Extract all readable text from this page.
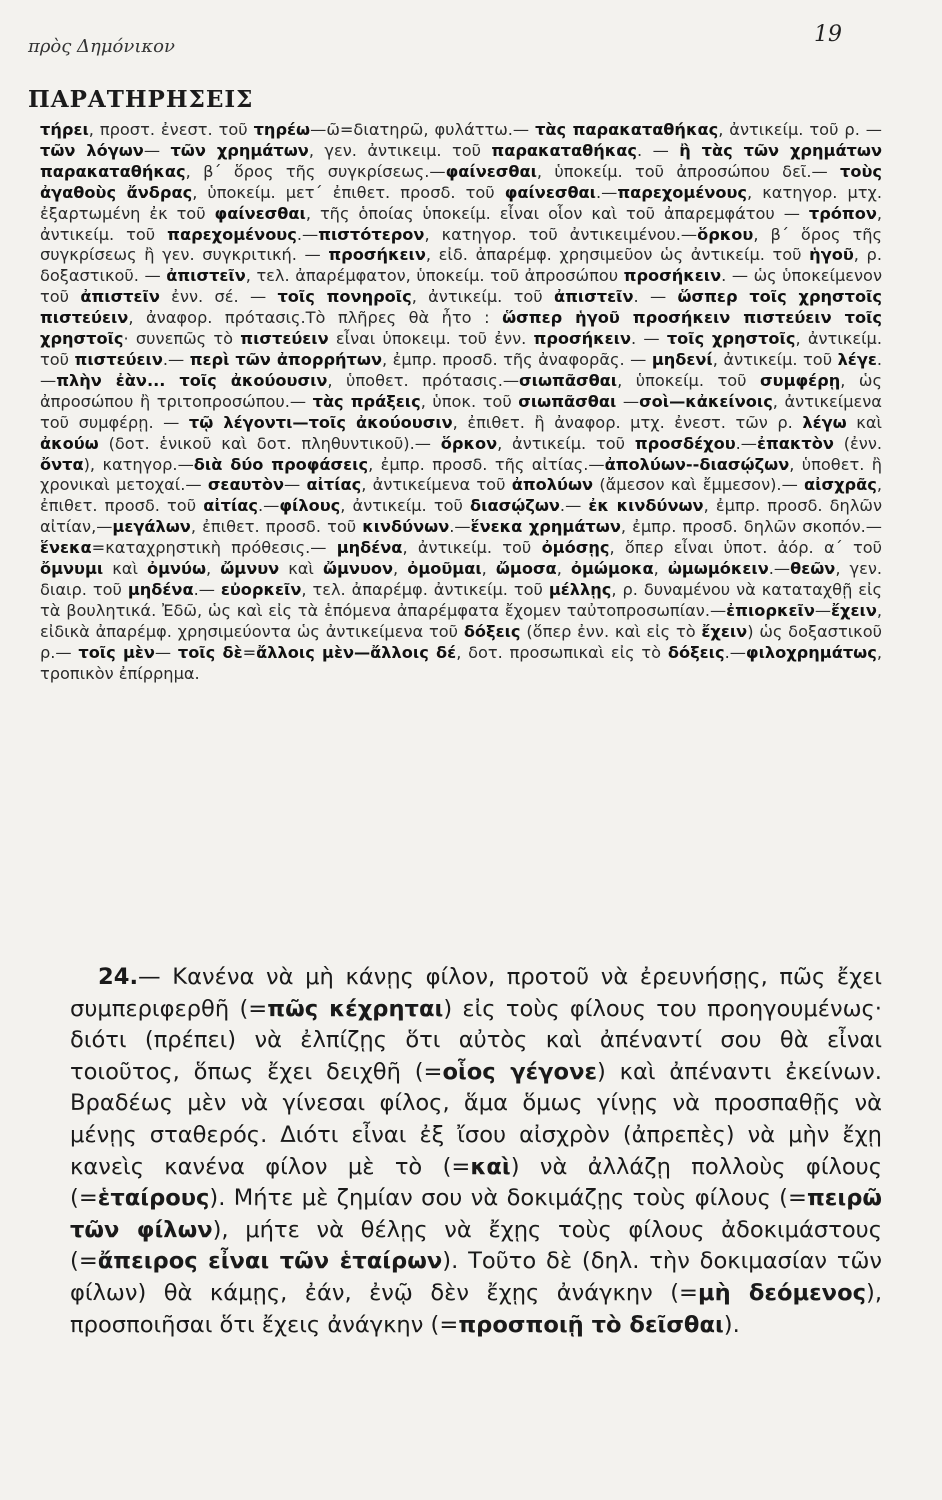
πρὸς Δημόνικον	19
ΠΑΡΑΤΗΡΗΣΕΙΣ

τήρει, προστ. ἐνεστ. τοῦ τηρέω—ῶ=διατηρῶ, φυλάττω.— τὰς παρακαταθήκας, ἀντικείμ. τοῦ ρ. — τῶν λόγων— τῶν χρημάτων, γεν. ἀντικειμ. τοῦ παρακαταθήκας. — ἢ τὰς τῶν χρημάτων παρακαταθήκας, β΄ ὅρος τῆς συγκρίσεως.—φαίνεσθαι, ὑποκείμ. τοῦ ἀπροσώπου δεῖ.— τοὺς ἀγαθοὺς ἄνδρας, ὑποκείμ. μετ΄ ἐπιθετ. προσδ. τοῦ φαίνεσθαι.—παρεχομένους, κατηγορ. μτχ. ἐξαρτωμένη ἐκ τοῦ φαίνεσθαι, τῆς ὁποίας ὑποκείμ. εἶναι οἷον καὶ τοῦ ἀπαρεμφάτου — τρόπον, ἀντικείμ. τοῦ παρεχομένους.—πιστότερον, κατηγορ. τοῦ ἀντικειμένου.—ὅρκου, β΄ ὅρος τῆς συγκρίσεως ἢ γεν. συγκριτική. — προσήκειν, εἰδ. ἀπαρέμφ. χρησιμεῦον ὡς ἀντικείμ. τοῦ ἡγοῦ, ρ. δοξαστικοῦ. — ἀπιστεῖν, τελ. ἀπαρέμφατον, ὑποκείμ. τοῦ ἀπροσώπου προσήκειν. — ὡς ὑποκείμενον τοῦ ἀπιστεῖν ἐνν. σέ. — τοῖς πονηροῖς, ἀντικείμ. τοῦ ἀπιστεῖν. — ὥσπερ τοῖς χρηστοῖς πιστεύειν, ἀναφορ. πρότασις.Τὸ πλῆρες θὰ ἦτο : ὥσπερ ἡγοῦ προσήκειν πιστεύειν τοῖς χρηστοῖς· συνεπῶς τὸ πιστεύειν εἶναι ὑποκειμ. τοῦ ἐνν. προσήκειν. — τοῖς χρηστοῖς, ἀντικείμ. τοῦ πιστεύειν.— περὶ τῶν ἀπορρήτων, ἐμπρ. προσδ. τῆς ἀναφορᾶς. — μηδενί, ἀντικείμ. τοῦ λέγε.—πλὴν ἐὰν... τοῖς ἀκούουσιν, ὑποθετ. πρότασις.—σιωπᾶσθαι, ὑποκείμ. τοῦ συμφέρῃ, ὡς ἀπροσώπου ἢ τριτοπροσώπου.— τὰς πράξεις, ὑποκ. τοῦ σιωπᾶσθαι —σοὶ—κἀκείνοις, ἀντικείμενα τοῦ συμφέρῃ. — τῷ λέγοντι—τοῖς ἀκούουσιν, ἐπιθετ. ἢ ἀναφορ. μτχ. ἐνεστ. τῶν ρ. λέγω καὶ ἀκούω (δοτ. ἑνικοῦ καὶ δοτ. πληθυντικοῦ).— ὅρκον, ἀντικείμ. τοῦ προσδέχου.—ἐπακτὸν (ἐνν. ὄντα), κατηγορ.—διὰ δύο προφάσεις, ἐμπρ. προσδ. τῆς αἰτίας.—ἀπολύων--διασῴζων, ὑποθετ. ἢ χρονικαὶ μετοχαί.— σεαυτὸν— αἰτίας, ἀντικείμενα τοῦ ἀπολύων (ἄμεσον καὶ ἔμμεσον).— αἰσχρᾶς, ἐπιθετ. προσδ. τοῦ αἰτίας.—φίλους, ἀντικείμ. τοῦ διασῴζων.— ἐκ κινδύνων, ἐμπρ. προσδ. δηλῶν αἰτίαν,—μεγάλων, ἐπιθετ. προσδ. τοῦ κινδύνων.—ἕνεκα χρημάτων, ἐμπρ. προσδ. δηλῶν σκοπόν.—ἕνεκα=καταχρηστικὴ πρόθεσις.— μηδένα, ἀντικείμ. τοῦ ὀμόσῃς, ὅπερ εἶναι ὑποτ. ἀόρ. α΄ τοῦ ὄμνυμι καὶ ὀμνύω, ὤμνυν καὶ ὤμνυον, ὀμοῦμαι, ὤμοσα, ὀμώμοκα, ὠμωμόκειν.—θεῶν, γεν. διαιρ. τοῦ μηδένα.— εὐορκεῖν, τελ. ἀπαρέμφ. ἀντικείμ. τοῦ μέλλῃς, ρ. δυναμένου νὰ καταταχθῇ εἰς τὰ βουλητικά. Ἐδῶ, ὡς καὶ εἰς τὰ ἑπόμενα ἀπαρέμφατα ἔχομεν ταὐτοπροσωπίαν.—ἐπιορκεῖν—ἔχειν, εἰδικὰ ἀπαρέμφ. χρησιμεύοντα ὡς ἀντικείμενα τοῦ δόξεις (ὅπερ ἐνν. καὶ εἰς τὸ ἔχειν) ὡς δοξαστικοῦ ρ.— τοῖς μὲν— τοῖς δὲ=ἄλλοις μὲν—ἄλλοις δέ, δοτ. προσωπικαὶ εἰς τὸ δόξεις.—φιλοχρημάτως, τροπικὸν ἐπίρρημα.

24.— Κανένα νὰ μὴ κάνῃς φίλον, προτοῦ νὰ ἐρευνήσῃς, πῶς ἔχει συμπεριφερθῆ (=πῶς κέχρηται) εἰς τοὺς φίλους του προηγουμένως· διότι (πρέπει) νὰ ἐλπίζῃς ὅτι αὐτὸς καὶ ἀπέναντί σου θὰ εἶναι τοιοῦτος, ὅπως ἔχει δειχθῆ (=οἷος γέγονε) καὶ ἀπέναντι ἐκείνων. Βραδέως μὲν νὰ γίνεσαι φίλος, ἅμα ὅμως γίνῃς νὰ προσπαθῇς νὰ μένῃς σταθερός. Διότι εἶναι ἐξ ἴσου αἰσχρὸν (ἀπρεπὲς) νὰ μὴν ἔχῃ κανεὶς κανένα φίλον μὲ τὸ (=καὶ) νὰ ἀλλάζῃ πολλοὺς φίλους (=ἑταίρους). Μήτε μὲ ζημίαν σου νὰ δοκιμάζῃς τοὺς φίλους (=πειρῶ τῶν φίλων), μήτε νὰ θέλῃς νὰ ἔχῃς τοὺς φίλους ἀδοκιμάστους (=ἄπειρος εἶναι τῶν ἑταίρων). Τοῦτο δὲ (δηλ. τὴν δοκιμασίαν τῶν φίλων) θὰ κάμῃς, ἐάν, ἐνῷ δὲν ἔχῃς ἀνάγκην (=μὴ δεόμενος), προσποιῆσαι ὅτι ἔχεις ἀνάγκην (=προσποιῇ τὸ δεῖσθαι).
